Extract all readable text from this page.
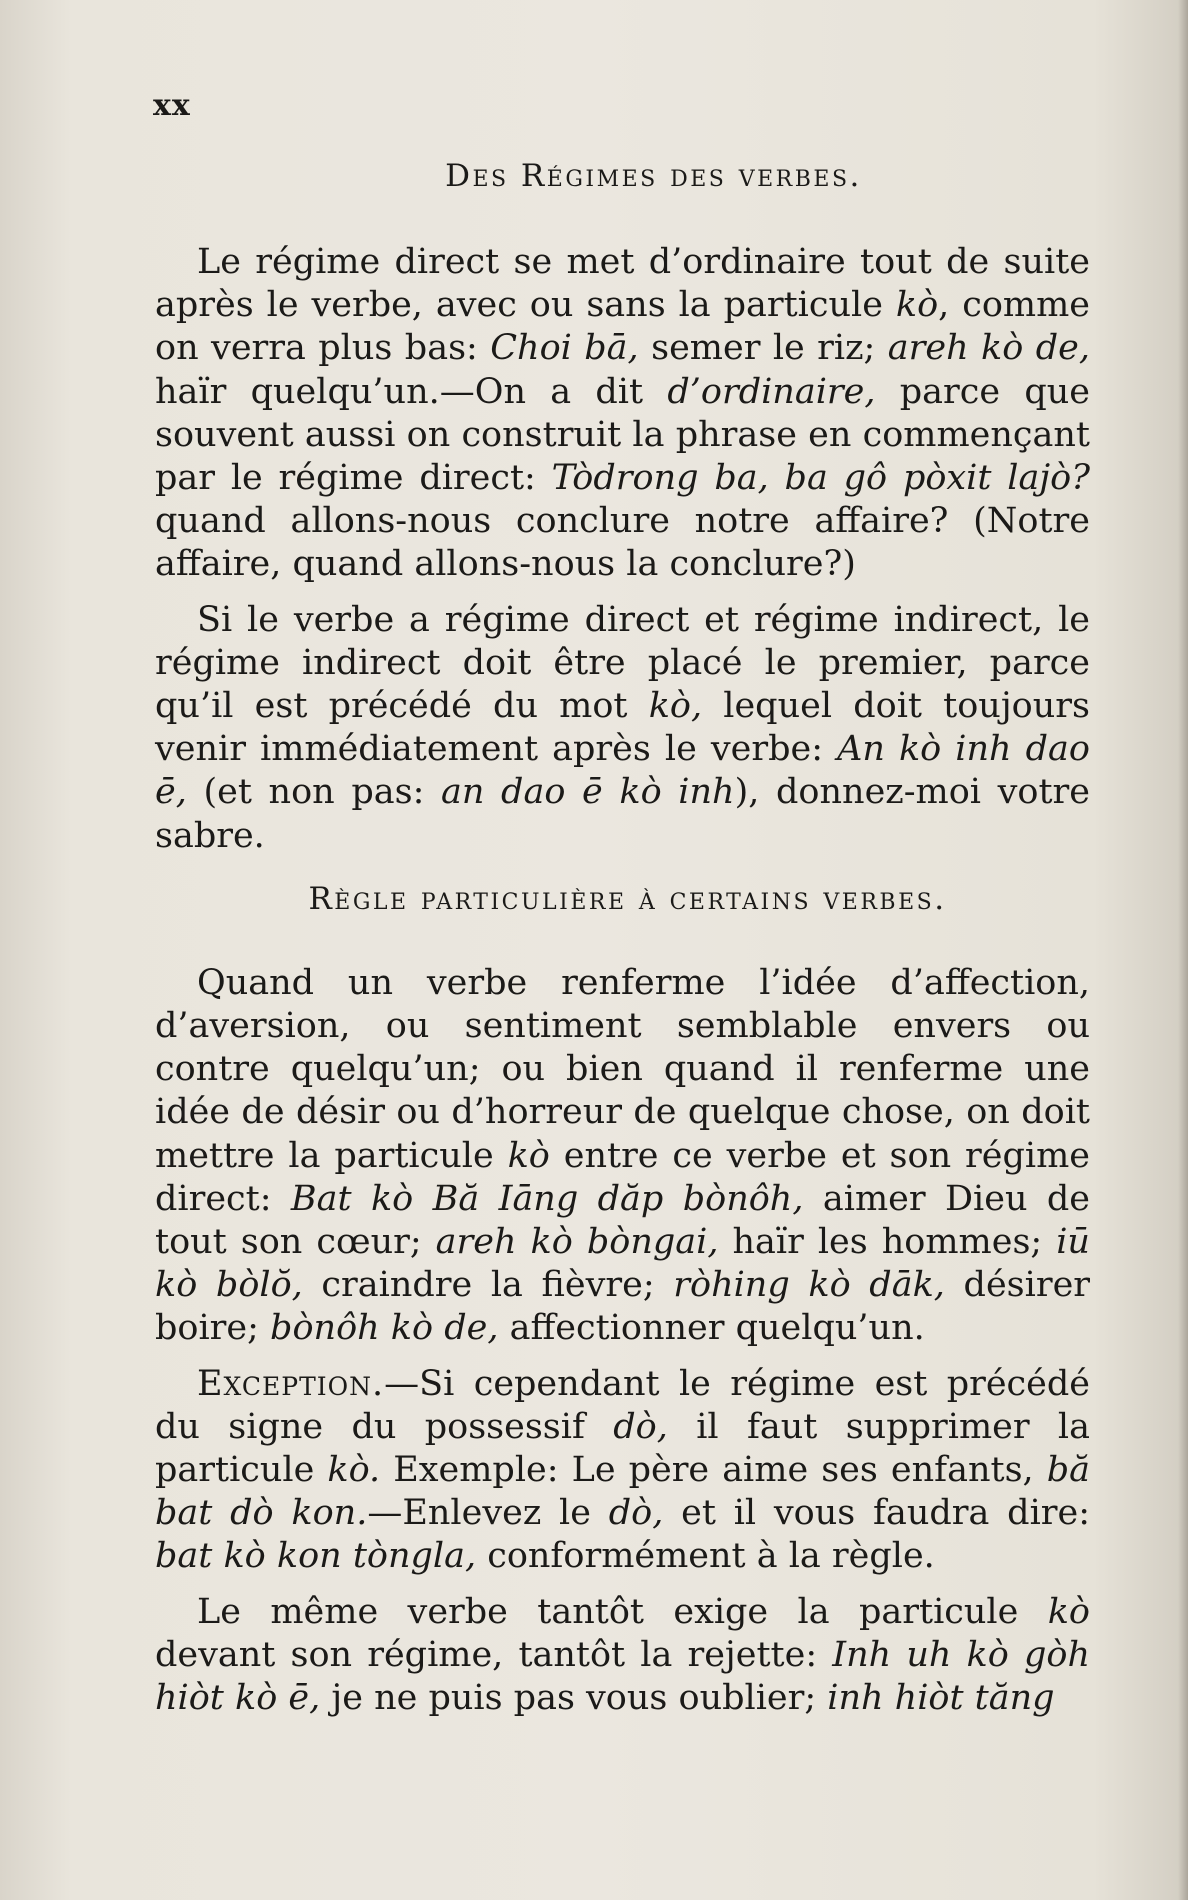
xx
Des Régimes des verbes.

Le régime direct se met d’ordinaire tout de suite après le verbe, avec ou sans la particule kò, comme on verra plus bas: Choi bā, semer le riz; areh kò de, haïr quelqu’un.—On a dit d’ordinaire, parce que souvent aussi on construit la phrase en commençant par le régime direct: Tòdrong ba, ba gô pòxit lajò? quand allons-nous conclure notre affaire? (Notre affaire, quand allons-nous la conclure?)

Si le verbe a régime direct et régime indirect, le régime indirect doit être placé le premier, parce qu’il est précédé du mot kò, lequel doit toujours venir immédiatement après le verbe: An kò inh dao ē, (et non pas: an dao ē kò inh), donnez-moi votre sabre.

Règle particulière à certains verbes.

Quand un verbe renferme l’idée d’affection, d’aversion, ou sentiment semblable envers ou contre quelqu’un; ou bien quand il renferme une idée de désir ou d’horreur de quelque chose, on doit mettre la particule kò entre ce verbe et son régime direct: Bat kò Bă Iāng dăp bònôh, aimer Dieu de tout son cœur; areh kò bòngai, haïr les hommes; iū kò bòlŏ, craindre la fièvre; ròhing kò dāk, désirer boire; bònôh kò de, affectionner quelqu’un.

Exception.—Si cependant le régime est précédé du signe du possessif dò, il faut supprimer la particule kò. Exemple: Le père aime ses enfants, bă bat dò kon.—Enlevez le dò, et il vous faudra dire: bat kò kon tòngla, conformément à la règle.

Le même verbe tantôt exige la particule kò devant son régime, tantôt la rejette: Inh uh kò gòh hiòt kò ē, je ne puis pas vous oublier; inh hiòt tăng
